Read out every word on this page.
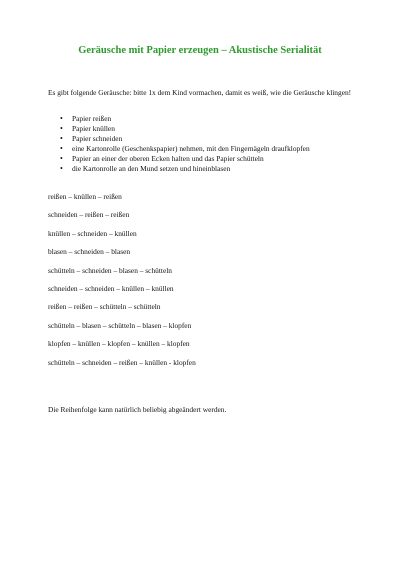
Geräusche mit Papier erzeugen – Akustische Serialität
Es gibt folgende Geräusche: bitte 1x dem Kind vormachen, damit es weiß, wie die Geräusche klingen!
• Papier reißen
• Papier knüllen
• Papier schneiden
• eine Kartonrolle (Geschenkspapier) nehmen, mit den Fingernägeln draufklopfen
• Papier an einer der oberen Ecken halten und das Papier schütteln
• die Kartonrolle an den Mund setzen und hineinblasen
reißen – knüllen – reißen
schneiden – reißen – reißen
knüllen – schneiden – knüllen
blasen – schneiden – blasen
schütteln – schneiden – blasen – schütteln
schneiden – schneiden – knüllen – knüllen
reißen – reißen – schütteln – schütteln
schütteln – blasen – schütteln – blasen – klopfen
klopfen – knüllen – klopfen – knüllen – klopfen
schütteln – schneiden – reißen – knüllen - klopfen
Die Reihenfolge kann natürlich beliebig abgeändert werden.
